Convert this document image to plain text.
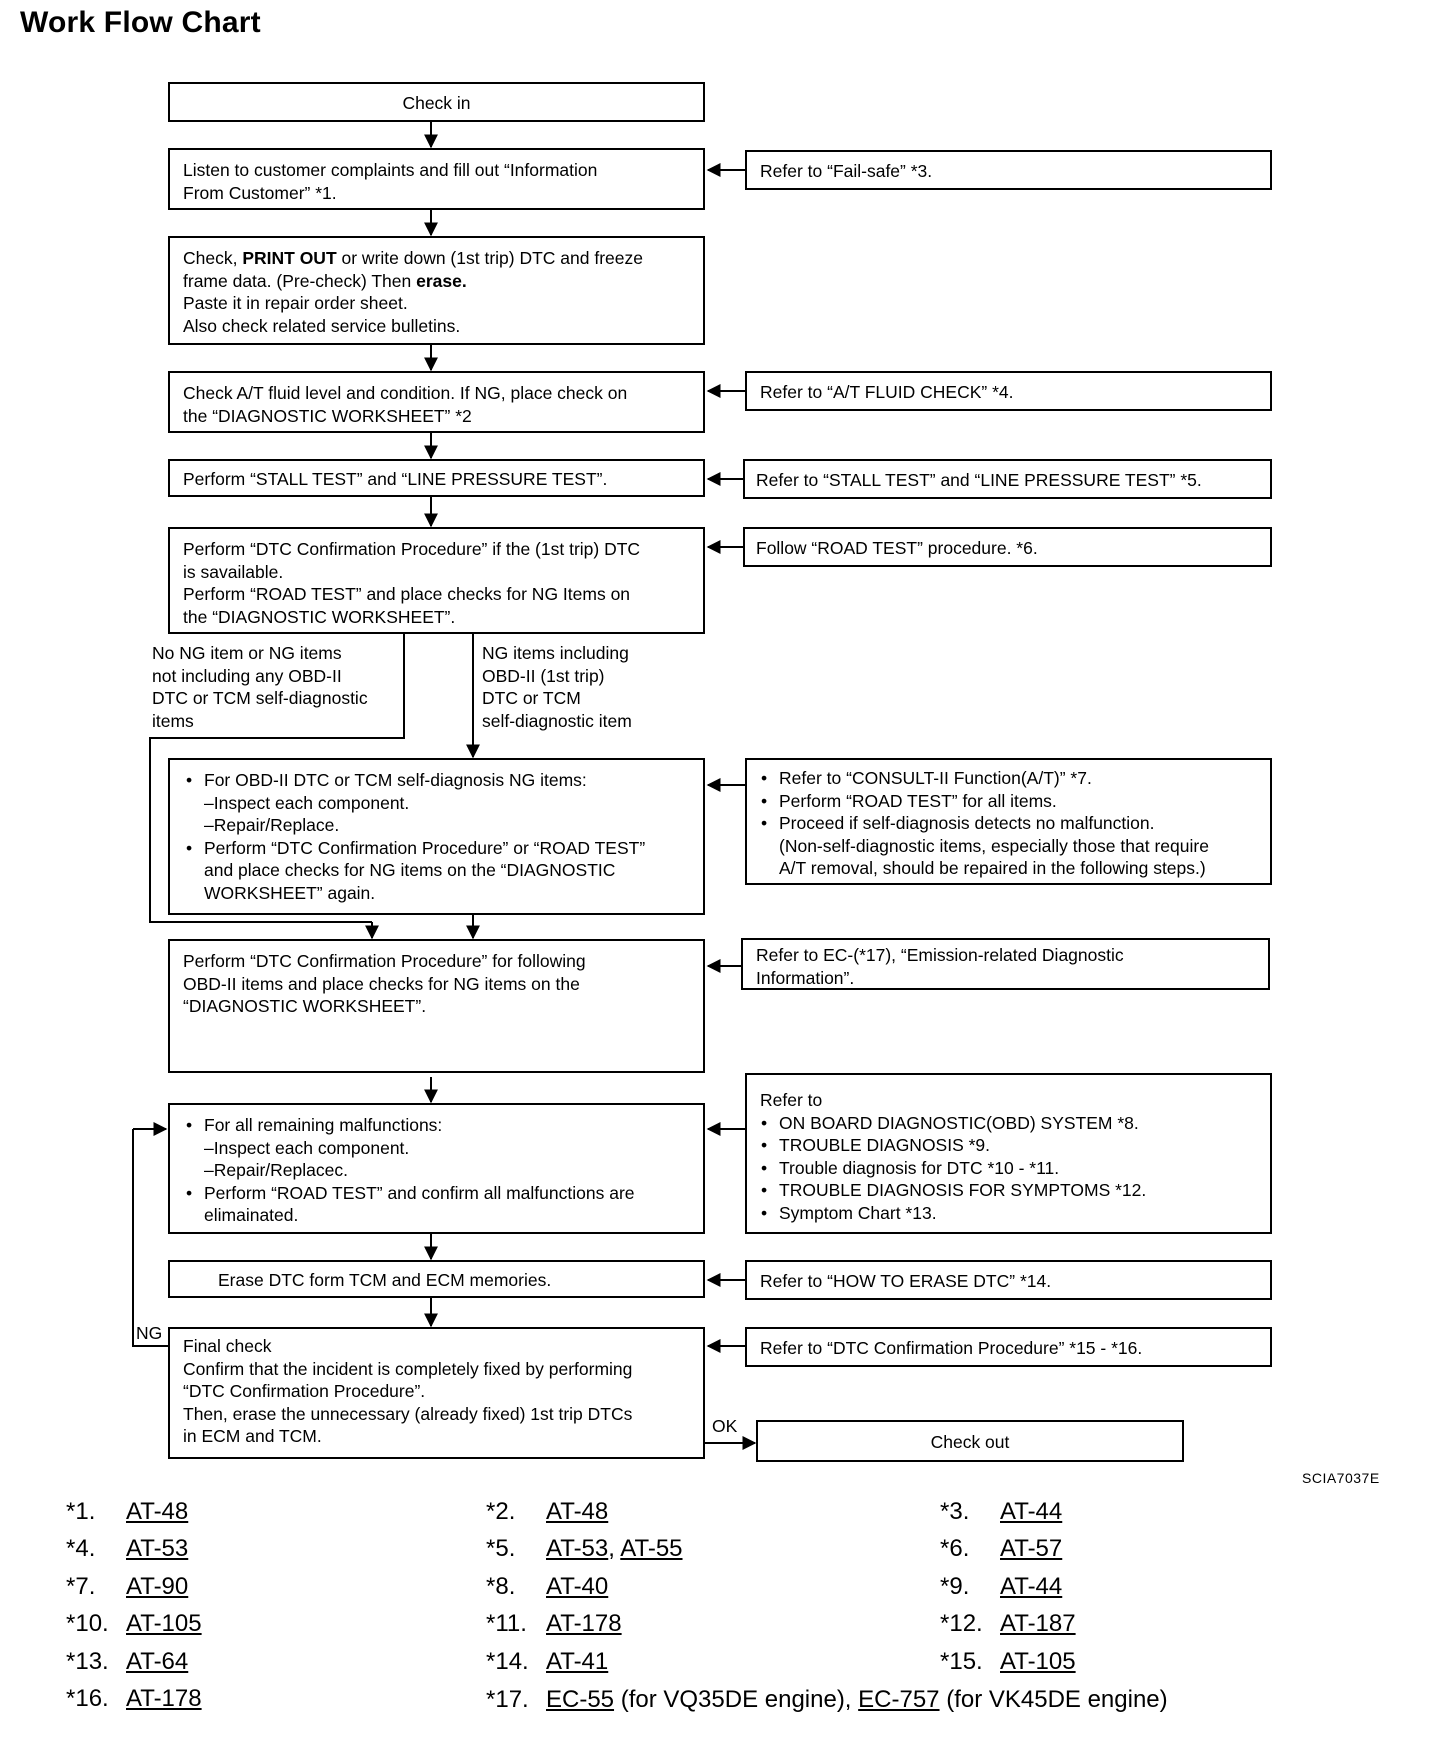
Work Flow Chart
Check in
Listen to customer complaints and fill out “Information
From Customer” *1.
Check, PRINT OUT or write down (1st trip) DTC and freeze
frame data. (Pre-check) Then erase.
Paste it in repair order sheet.
Also check related service bulletins.
Check A/T fluid level and condition. If NG, place check on
the “DIAGNOSTIC WORKSHEET” *2
Perform “STALL TEST” and “LINE PRESSURE TEST”.
Perform “DTC Confirmation Procedure” if the (1st trip) DTC
is savailable.
Perform “ROAD TEST” and place checks for NG Items on
the “DIAGNOSTIC WORKSHEET”.
No NG item or NG items
not including any OBD-II
DTC or TCM self-diagnostic
items
NG items including
OBD-II (1st trip)
DTC or TCM
self-diagnostic item
• For OBD-II DTC or TCM self-diagnosis NG items:
–Inspect each component.
–Repair/Replace.
• Perform “DTC Confirmation Procedure” or “ROAD TEST”
and place checks for NG items on the “DIAGNOSTIC
WORKSHEET” again.
Perform “DTC Confirmation Procedure” for following
OBD-II items and place checks for NG items on the
“DIAGNOSTIC WORKSHEET”.
• For all remaining malfunctions:
–Inspect each component.
–Repair/Replacec.
• Perform “ROAD TEST” and confirm all malfunctions are
elimainated.
Erase DTC form TCM and ECM memories.
Final check
Confirm that the incident is completely fixed by performing
“DTC Confirmation Procedure”.
Then, erase the unnecessary (already fixed) 1st trip DTCs
in ECM and TCM.
NG
OK
Check out
Refer to “Fail-safe” *3.
Refer to “A/T FLUID CHECK” *4.
Refer to “STALL TEST” and “LINE PRESSURE TEST” *5.
Follow “ROAD TEST” procedure. *6.
• Refer to “CONSULT-II Function(A/T)” *7.
• Perform “ROAD TEST” for all items.
• Proceed if self-diagnosis detects no malfunction.
(Non-self-diagnostic items, especially those that require
A/T removal, should be repaired in the following steps.)
Refer to EC-(*17), “Emission-related Diagnostic
Information”.
Refer to
• ON BOARD DIAGNOSTIC(OBD) SYSTEM *8.
• TROUBLE DIAGNOSIS *9.
• Trouble diagnosis for DTC *10 - *11.
• TROUBLE DIAGNOSIS FOR SYMPTOMS *12.
• Symptom Chart *13.
Refer to “HOW TO ERASE DTC” *14.
Refer to “DTC Confirmation Procedure” *15 - *16.
SCIA7037E
*1. AT-48	*2. AT-48	*3. AT-44
*4. AT-53	*5. AT-53, AT-55	*6. AT-57
*7. AT-90	*8. AT-40	*9. AT-44
*10. AT-105	*11. AT-178	*12. AT-187
*13. AT-64	*14. AT-41	*15. AT-105
*16. AT-178	*17. EC-55 (for VQ35DE engine), EC-757 (for VK45DE engine)
